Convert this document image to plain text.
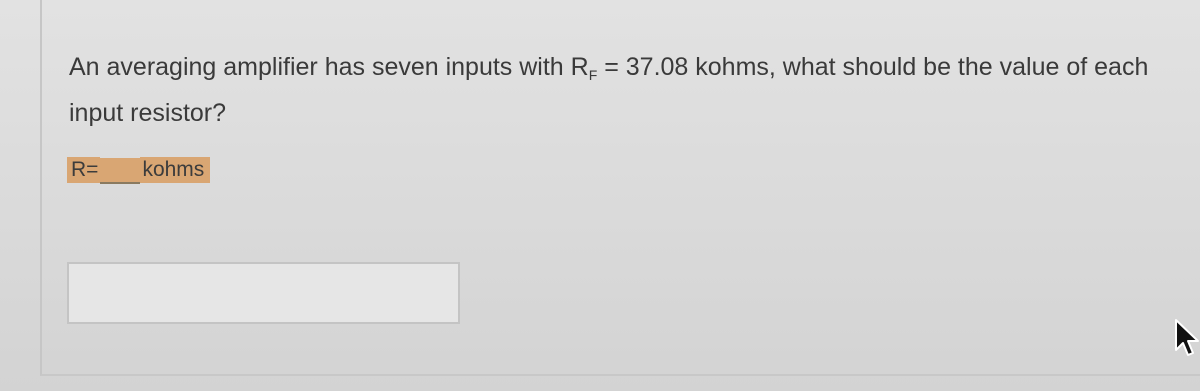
An averaging amplifier has seven inputs with $R_F = 37.08$ kohms, what should be the value of each input resistor?
R= kohms
